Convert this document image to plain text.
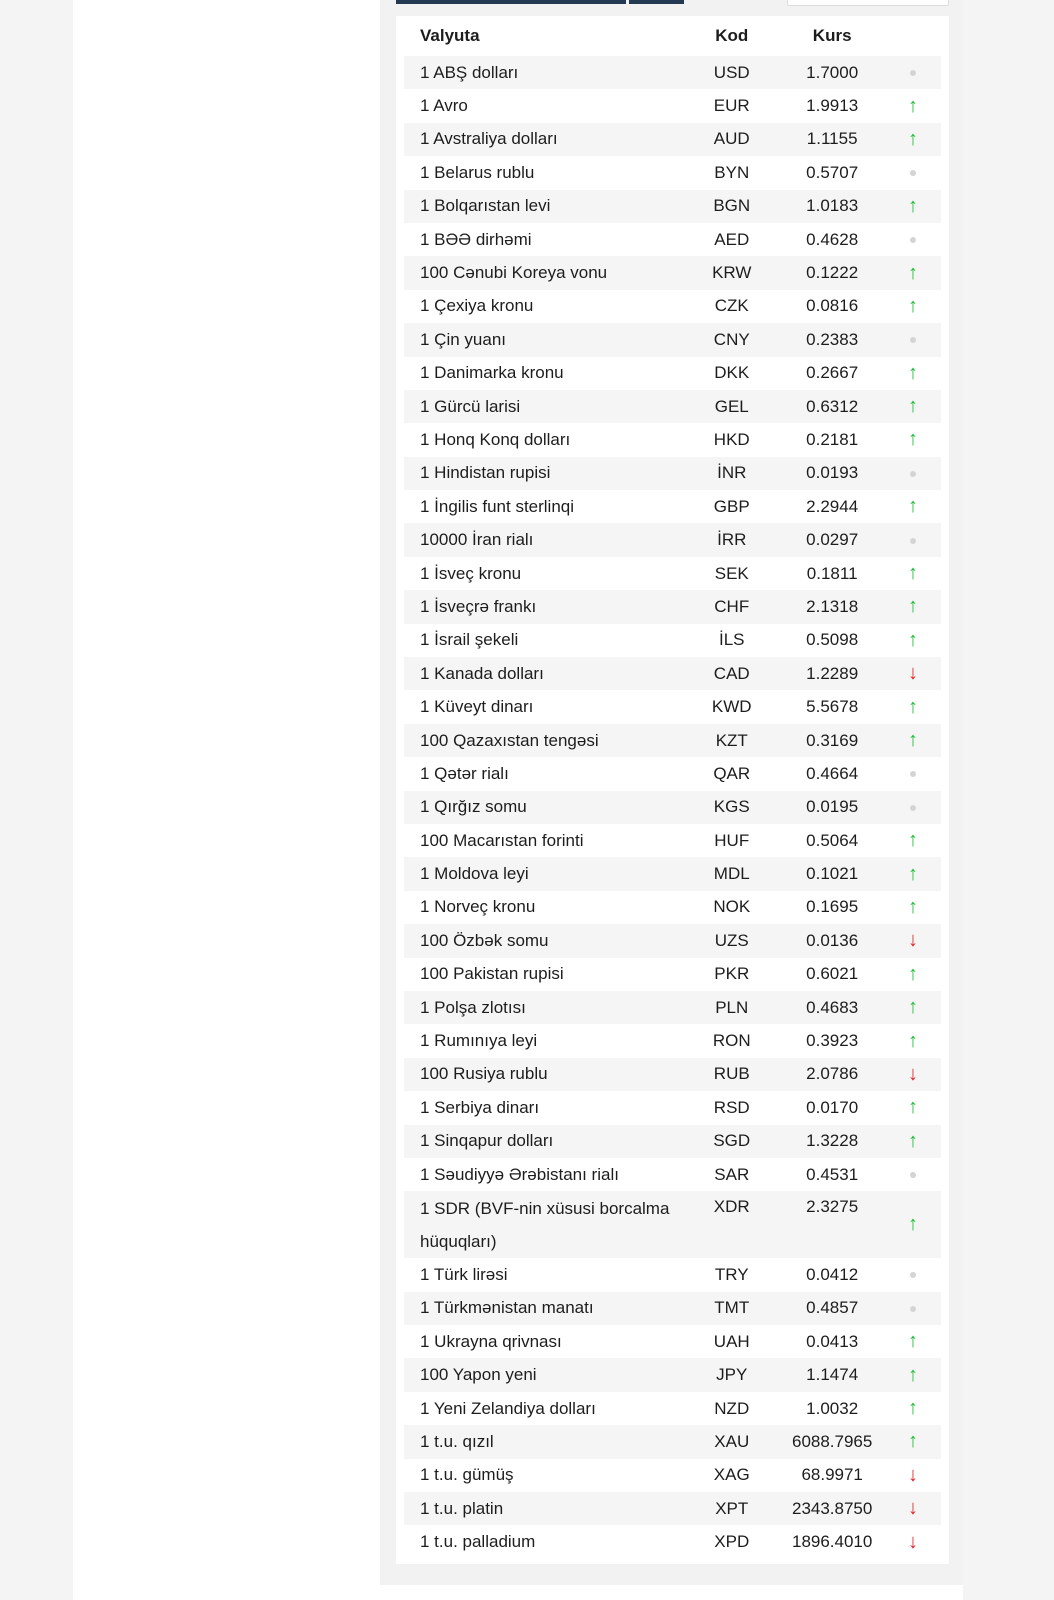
Valyuta	Kod	Kurs	
1 ABŞ dolları	USD	1.7000	
1 Avro	EUR	1.9913	↑
1 Avstraliya dolları	AUD	1.1155	↑
1 Belarus rublu	BYN	0.5707	
1 Bolqarıstan levi	BGN	1.0183	↑
1 BƏƏ dirhəmi	AED	0.4628	
100 Cənubi Koreya vonu	KRW	0.1222	↑
1 Çexiya kronu	CZK	0.0816	↑
1 Çin yuanı	CNY	0.2383	
1 Danimarka kronu	DKK	0.2667	↑
1 Gürcü larisi	GEL	0.6312	↑
1 Honq Konq dolları	HKD	0.2181	↑
1 Hindistan rupisi	İNR	0.0193	
1 İngilis funt sterlinqi	GBP	2.2944	↑
10000 İran rialı	İRR	0.0297	
1 İsveç kronu	SEK	0.1811	↑
1 İsveçrə frankı	CHF	2.1318	↑
1 İsrail şekeli	İLS	0.5098	↑
1 Kanada dolları	CAD	1.2289	↓
1 Küveyt dinarı	KWD	5.5678	↑
100 Qazaxıstan tengəsi	KZT	0.3169	↑
1 Qətər rialı	QAR	0.4664	
1 Qırğız somu	KGS	0.0195	
100 Macarıstan forinti	HUF	0.5064	↑
1 Moldova leyi	MDL	0.1021	↑
1 Norveç kronu	NOK	0.1695	↑
100 Özbək somu	UZS	0.0136	↓
100 Pakistan rupisi	PKR	0.6021	↑
1 Polşa zlotısı	PLN	0.4683	↑
1 Rumınıya leyi	RON	0.3923	↑
100 Rusiya rublu	RUB	2.0786	↓
1 Serbiya dinarı	RSD	0.0170	↑
1 Sinqapur dolları	SGD	1.3228	↑
1 Səudiyyə Ərəbistanı rialı	SAR	0.4531	
1 SDR (BVF-nin xüsusi borcalma hüquqları)	XDR	2.3275	↑
1 Türk lirəsi	TRY	0.0412	
1 Türkmənistan manatı	TMT	0.4857	
1 Ukrayna qrivnası	UAH	0.0413	↑
100 Yapon yeni	JPY	1.1474	↑
1 Yeni Zelandiya dolları	NZD	1.0032	↑
1 t.u. qızıl	XAU	6088.7965	↑
1 t.u. gümüş	XAG	68.9971	↓
1 t.u. platin	XPT	2343.8750	↓
1 t.u. palladium	XPD	1896.4010	↓
